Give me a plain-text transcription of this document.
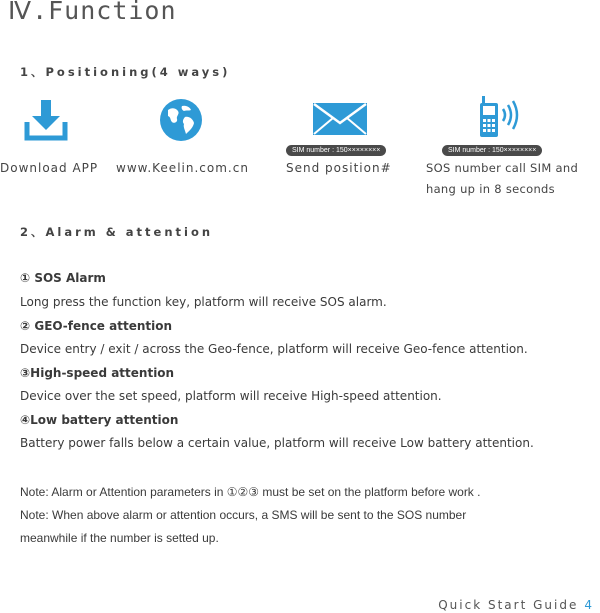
Ⅳ.Function
1、Positioning(4 ways)
Download APP www.Keelin.com.cn
SIM number : 150××××××××
Send position#
SIM number : 150××××××××
SOS number call SIM and
hang up in 8 seconds
2、Alarm & attention
① SOS Alarm
Long press the function key, platform will receive SOS alarm.
② GEO-fence attention
Device entry / exit / across the Geo-fence, platform will receive Geo-fence attention.
③High-speed attention
Device over the set speed, platform will receive High-speed attention.
④Low battery attention
Battery power falls below a certain value, platform will receive Low battery attention.
Note: Alarm or Attention parameters in ①②③ must be set on the platform before work .
Note: When above alarm or attention occurs, a SMS will be sent to the SOS number
meanwhile if the number is setted up.
Quick Start Guide 4
